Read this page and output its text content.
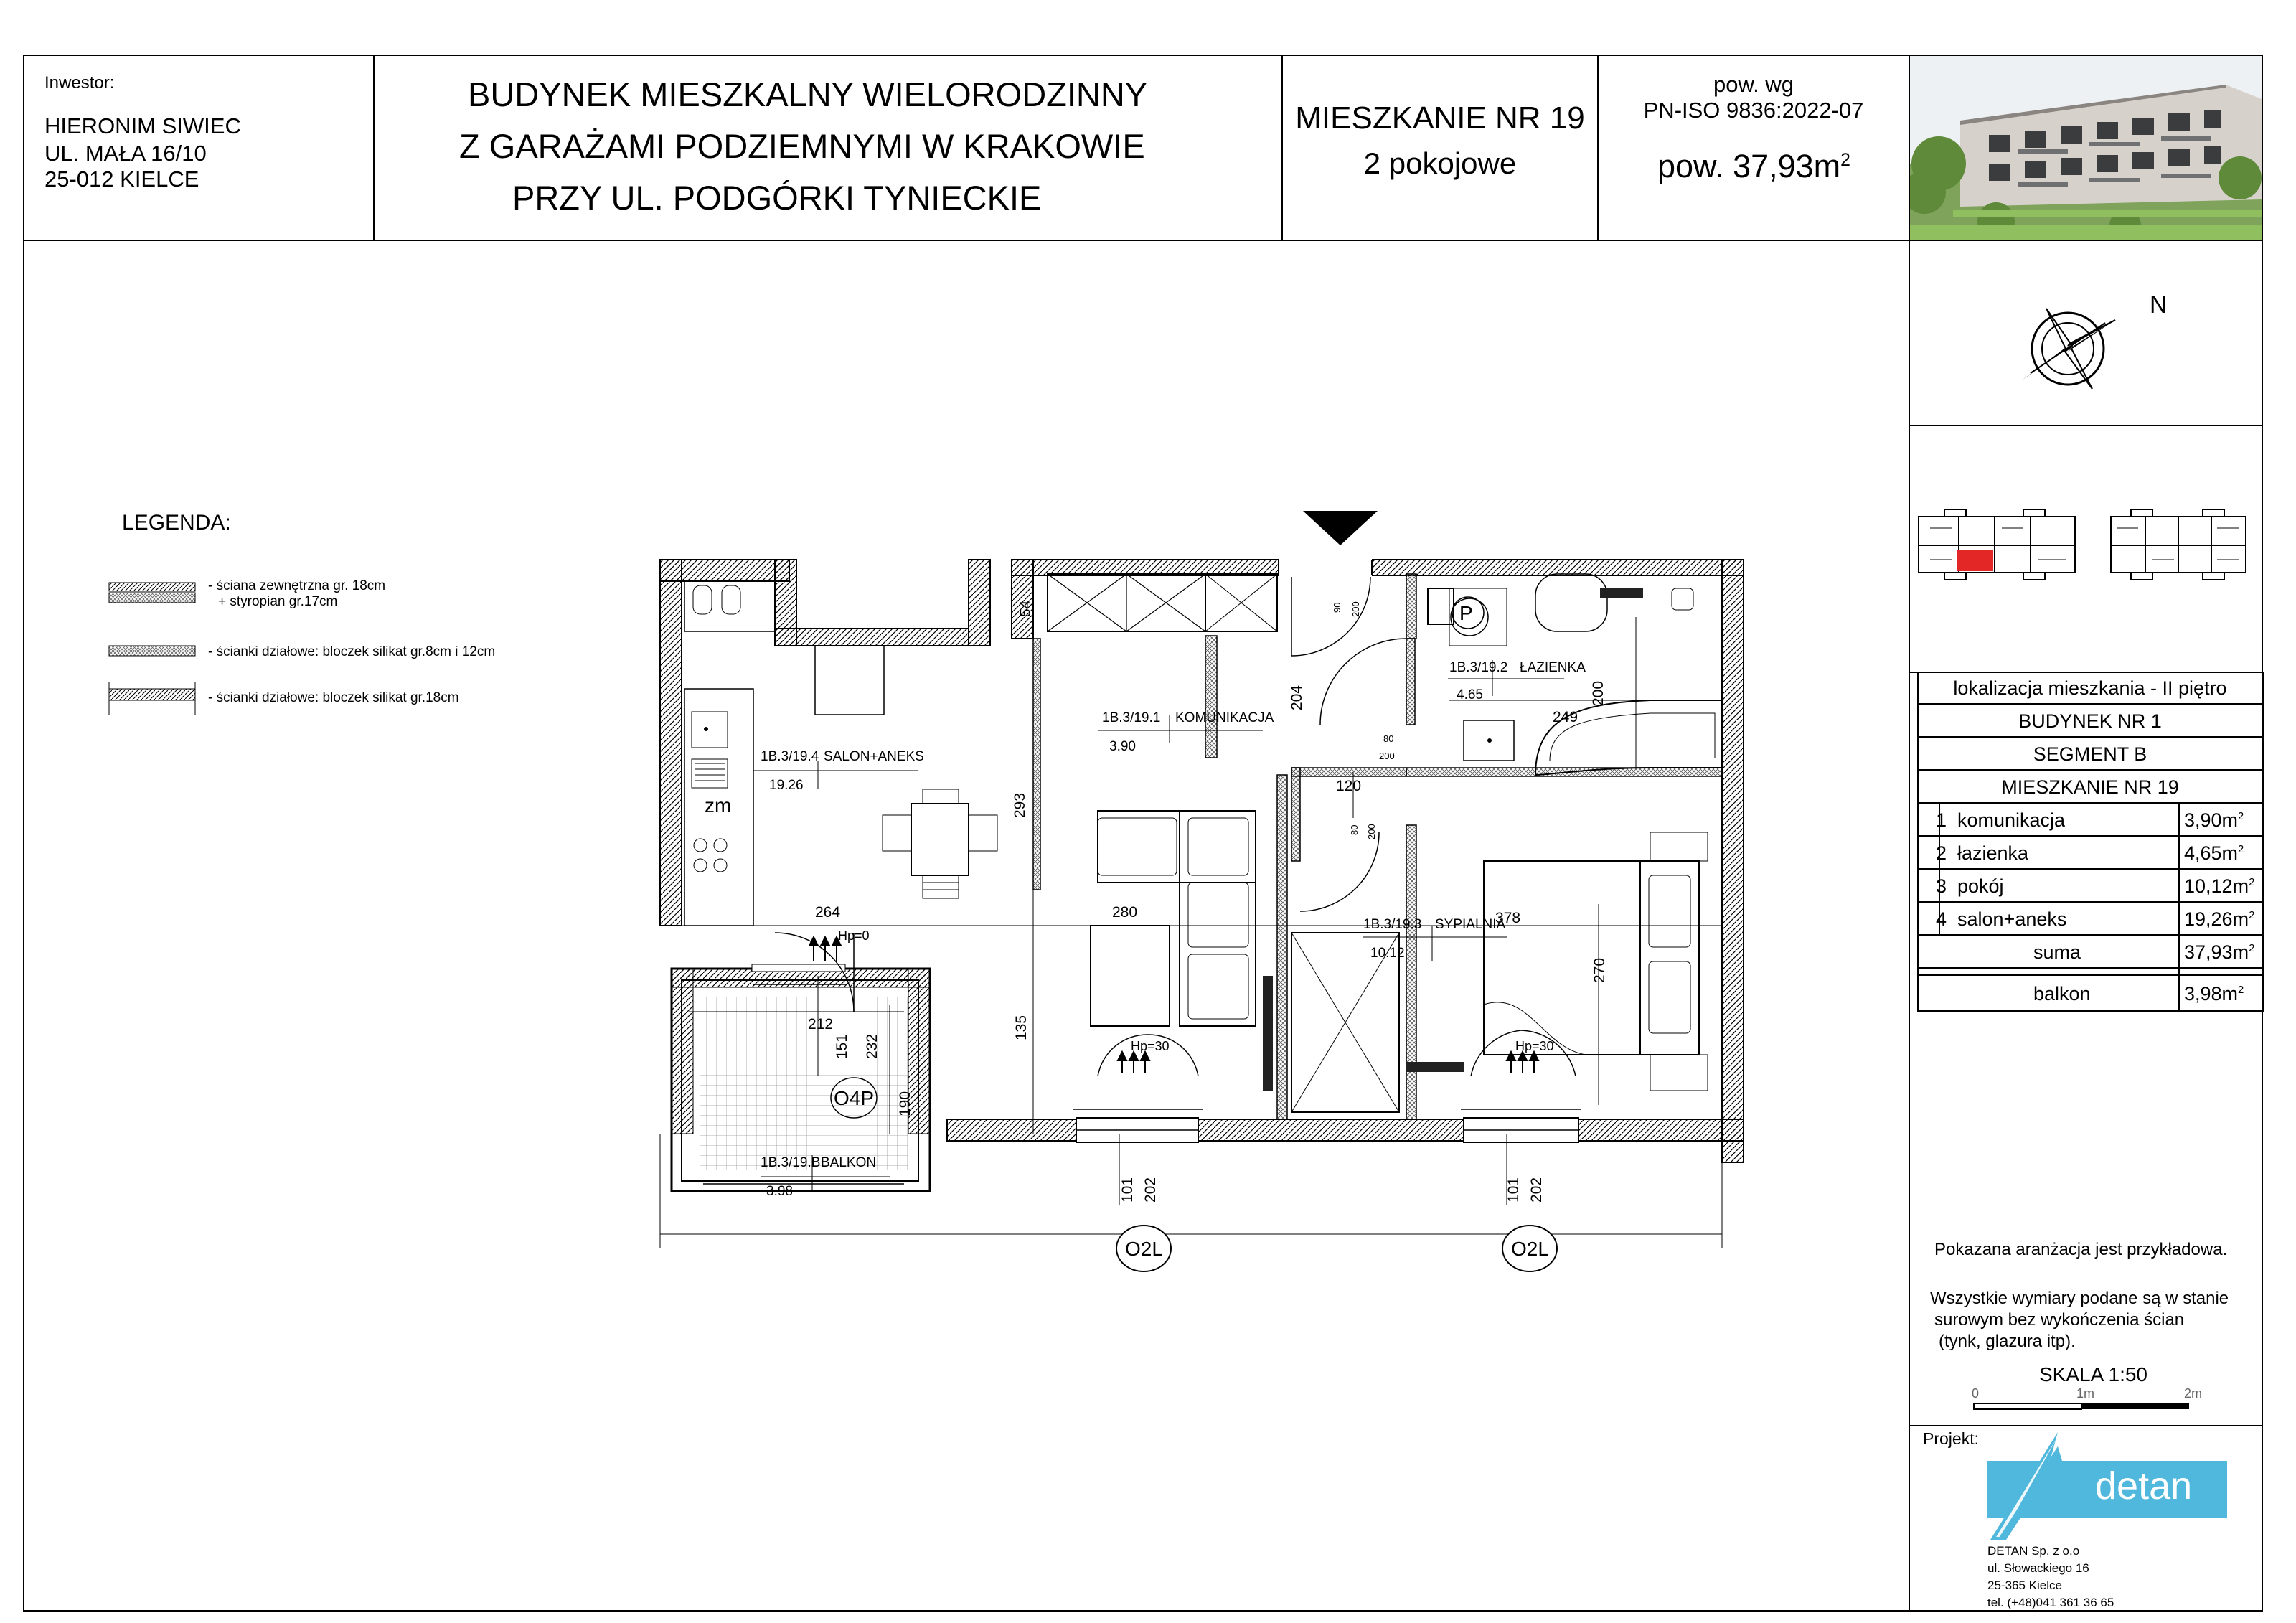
Inwestor:
HIERONIM SIWIEC
UL. MAŁA 16/10
25-012 KIELCE
BUDYNEK MIESZKALNY WIELORODZINNY
Z GARAŻAMI PODZIEMNYMI W KRAKOWIE
PRZY UL. PODGÓRKI TYNIECKIE
MIESZKANIE NR 19
2 pokojowe
pow. wg
PN-ISO 9836:2022-07
pow. $37,93m^2$
N
lokalizacja mieszkania - II piętro
BUDYNEK NR 1
SEGMENT B
MIESZKANIE NR 19
1 komunikacja	$3,90m^2$
2 łazienka	$4,65m^2$
3 pokój	$10,12m^2$
4 salon+aneks	$19,26m^2$
suma	$37,93m^2$
balkon	$3,98m^2$
Pokazana aranżacja jest przykładowa.
Wszystkie wymiary podane są w stanie
surowym bez wykończenia ścian
(tynk, glazura itp).
SKALA 1:50
0	1m	2m
Projekt:
detan
DETAN Sp. z o.o
ul. Słowackiego 16
25-365 Kielce
tel. (+48)041 361 36 65
LEGENDA:
- ściana zewnętrzna gr. 18cm
+ styropian gr.17cm
- ścianki działowe: bloczek silikat gr.8cm i 12cm
- ścianki działowe: bloczek silikat gr.18cm
1B.3/19.4 SALON+ANEKS
19.26
1B.3/19.1 KOMUNIKACJA
3.90
1B.3/19.2 ŁAZIENKA
4.65
1B.3/19.3 SYPIALNIA
10.12
1B.3/19.B BALKON
3.98
54
293
264	280
135
204
120
249
200
378
270
212
151 232
190
101 202	101 202
90 200
80
200
80 200
zm
P
Hp=0
Hp=30	Hp=30
O4P
O2L	O2L
